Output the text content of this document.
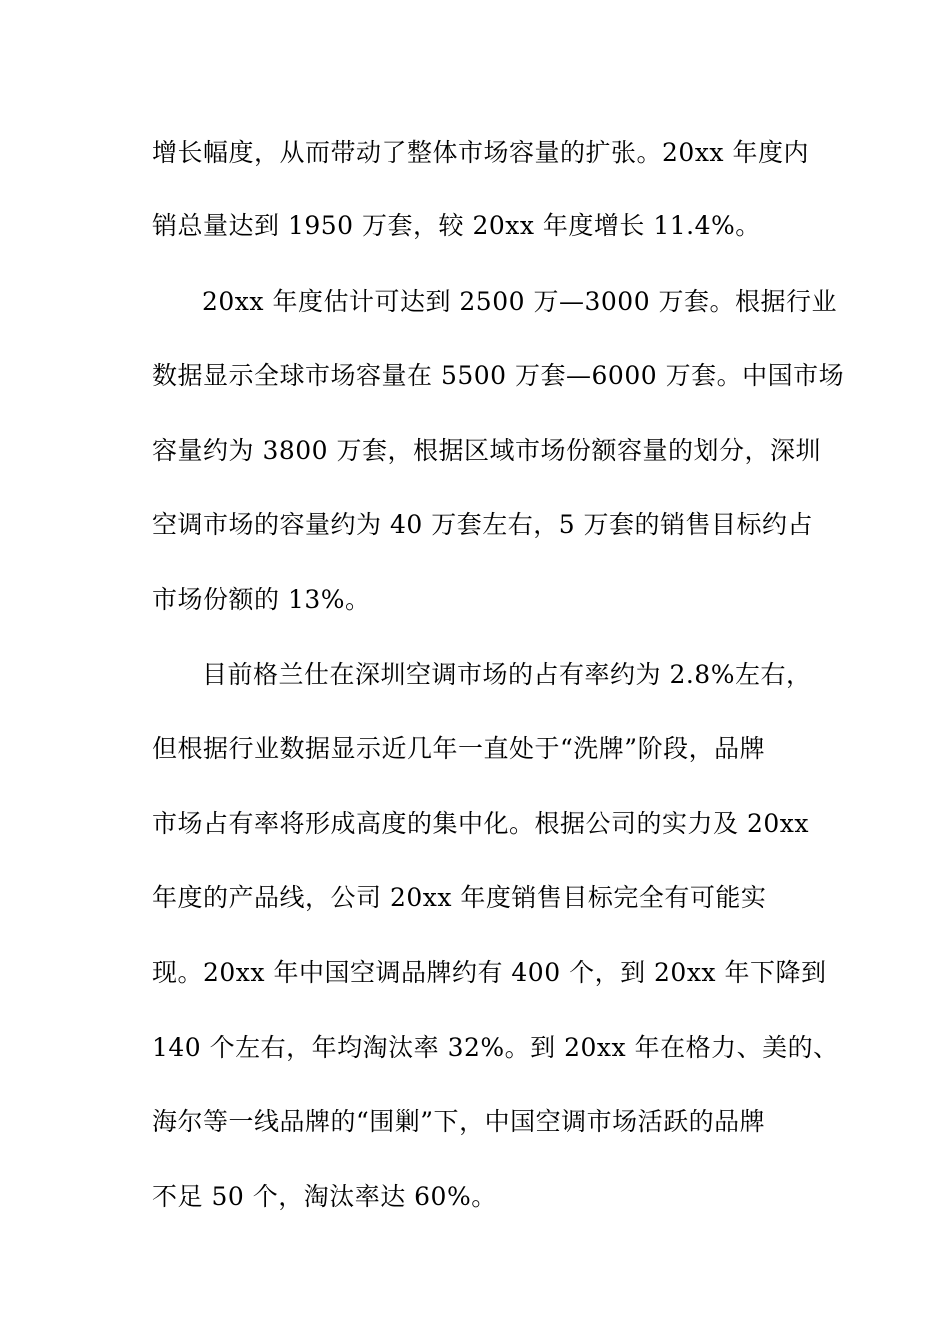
增长幅度，从而带动了整体市场容量的扩张。20xx 年度内
销总量达到 1950 万套，较 20xx 年度增长 11.4%。
20xx 年度估计可达到 2500 万—3000 万套。根据行业
数据显示全球市场容量在 5500 万套—6000 万套。中国市场
容量约为 3800 万套，根据区域市场份额容量的划分，深圳
空调市场的容量约为 40 万套左右，5 万套的销售目标约占
市场份额的 13%。
目前格兰仕在深圳空调市场的占有率约为 2.8%左右，
但根据行业数据显示近几年一直处于“洗牌”阶段，品牌
市场占有率将形成高度的集中化。根据公司的实力及 20xx
年度的产品线，公司 20xx 年度销售目标完全有可能实
现。20xx 年中国空调品牌约有 400 个，到 20xx 年下降到
140 个左右，年均淘汰率 32%。到 20xx 年在格力、美的、
海尔等一线品牌的“围剿”下，中国空调市场活跃的品牌
不足 50 个，淘汰率达 60%。
